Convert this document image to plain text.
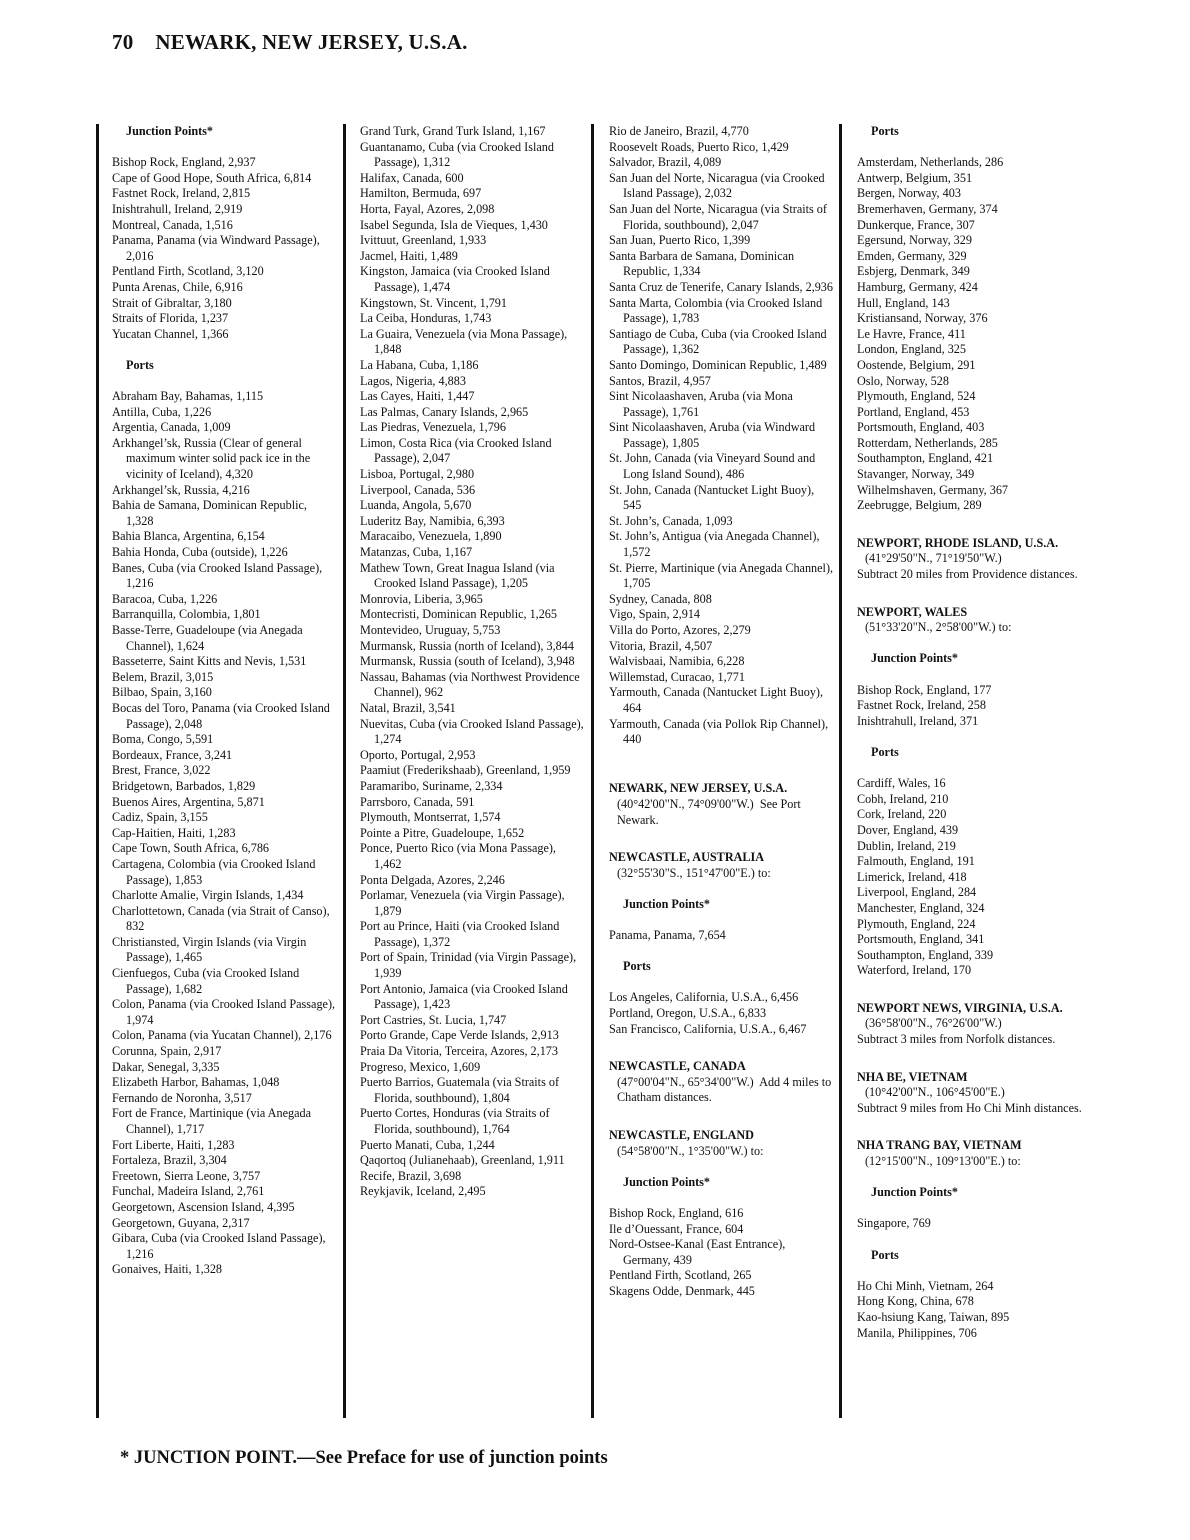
70 NEWARK, NEW JERSEY, U.S.A.
Junction Points*
Bishop Rock, England, 2,937
Cape of Good Hope, South Africa, 6,814
Fastnet Rock, Ireland, 2,815
Inishtrahull, Ireland, 2,919
Montreal, Canada, 1,516
Panama, Panama (via Windward Passage), 2,016
Pentland Firth, Scotland, 3,120
Punta Arenas, Chile, 6,916
Strait of Gibraltar, 3,180
Straits of Florida, 1,237
Yucatan Channel, 1,366
Ports
Abraham Bay, Bahamas, 1,115
Antilla, Cuba, 1,226
Argentia, Canada, 1,009
Arkhangel’sk, Russia (Clear of general maximum winter solid pack ice in the vicinity of Iceland), 4,320
Arkhangel’sk, Russia, 4,216
Bahia de Samana, Dominican Republic, 1,328
Bahia Blanca, Argentina, 6,154
Bahia Honda, Cuba (outside), 1,226
Banes, Cuba (via Crooked Island Passage), 1,216
Baracoa, Cuba, 1,226
Barranquilla, Colombia, 1,801
Basse-Terre, Guadeloupe (via Anegada Channel), 1,624
Basseterre, Saint Kitts and Nevis, 1,531
Belem, Brazil, 3,015
Bilbao, Spain, 3,160
Bocas del Toro, Panama (via Crooked Island Passage), 2,048
Boma, Congo, 5,591
Bordeaux, France, 3,241
Brest, France, 3,022
Bridgetown, Barbados, 1,829
Buenos Aires, Argentina, 5,871
Cadiz, Spain, 3,155
Cap-Haitien, Haiti, 1,283
Cape Town, South Africa, 6,786
Cartagena, Colombia (via Crooked Island Passage), 1,853
Charlotte Amalie, Virgin Islands, 1,434
Charlottetown, Canada (via Strait of Canso), 832
Christiansted, Virgin Islands (via Virgin Passage), 1,465
Cienfuegos, Cuba (via Crooked Island Passage), 1,682
Colon, Panama (via Crooked Island Passage), 1,974
Colon, Panama (via Yucatan Channel), 2,176
Corunna, Spain, 2,917
Dakar, Senegal, 3,335
Elizabeth Harbor, Bahamas, 1,048
Fernando de Noronha, 3,517
Fort de France, Martinique (via Anegada Channel), 1,717
Fort Liberte, Haiti, 1,283
Fortaleza, Brazil, 3,304
Freetown, Sierra Leone, 3,757
Funchal, Madeira Island, 2,761
Georgetown, Ascension Island, 4,395
Georgetown, Guyana, 2,317
Gibara, Cuba (via Crooked Island Passage), 1,216
Gonaives, Haiti, 1,328
Grand Turk, Grand Turk Island, 1,167
Guantanamo, Cuba (via Crooked Island Passage), 1,312
Halifax, Canada, 600
Hamilton, Bermuda, 697
Horta, Fayal, Azores, 2,098
Isabel Segunda, Isla de Vieques, 1,430
Ivittuut, Greenland, 1,933
Jacmel, Haiti, 1,489
Kingston, Jamaica (via Crooked Island Passage), 1,474
Kingstown, St. Vincent, 1,791
La Ceiba, Honduras, 1,743
La Guaira, Venezuela (via Mona Passage), 1,848
La Habana, Cuba, 1,186
Lagos, Nigeria, 4,883
Las Cayes, Haiti, 1,447
Las Palmas, Canary Islands, 2,965
Las Piedras, Venezuela, 1,796
Limon, Costa Rica (via Crooked Island Passage), 2,047
Lisboa, Portugal, 2,980
Liverpool, Canada, 536
Luanda, Angola, 5,670
Luderitz Bay, Namibia, 6,393
Maracaibo, Venezuela, 1,890
Matanzas, Cuba, 1,167
Mathew Town, Great Inagua Island (via Crooked Island Passage), 1,205
Monrovia, Liberia, 3,965
Montecristi, Dominican Republic, 1,265
Montevideo, Uruguay, 5,753
Murmansk, Russia (north of Iceland), 3,844
Murmansk, Russia (south of Iceland), 3,948
Nassau, Bahamas (via Northwest Providence Channel), 962
Natal, Brazil, 3,541
Nuevitas, Cuba (via Crooked Island Passage), 1,274
Oporto, Portugal, 2,953
Paamiut (Frederikshaab), Greenland, 1,959
Paramaribo, Suriname, 2,334
Parrsboro, Canada, 591
Plymouth, Montserrat, 1,574
Pointe a Pitre, Guadeloupe, 1,652
Ponce, Puerto Rico (via Mona Passage), 1,462
Ponta Delgada, Azores, 2,246
Porlamar, Venezuela (via Virgin Passage), 1,879
Port au Prince, Haiti (via Crooked Island Passage), 1,372
Port of Spain, Trinidad (via Virgin Passage), 1,939
Port Antonio, Jamaica (via Crooked Island Passage), 1,423
Port Castries, St. Lucia, 1,747
Porto Grande, Cape Verde Islands, 2,913
Praia Da Vitoria, Terceira, Azores, 2,173
Progreso, Mexico, 1,609
Puerto Barrios, Guatemala (via Straits of Florida, southbound), 1,804
Puerto Cortes, Honduras (via Straits of Florida, southbound), 1,764
Puerto Manati, Cuba, 1,244
Qaqortoq (Julianehaab), Greenland, 1,911
Recife, Brazil, 3,698
Reykjavik, Iceland, 2,495
Rio de Janeiro, Brazil, 4,770
Roosevelt Roads, Puerto Rico, 1,429
Salvador, Brazil, 4,089
San Juan del Norte, Nicaragua (via Crooked Island Passage), 2,032
San Juan del Norte, Nicaragua (via Straits of Florida, southbound), 2,047
San Juan, Puerto Rico, 1,399
Santa Barbara de Samana, Dominican Republic, 1,334
Santa Cruz de Tenerife, Canary Islands, 2,936
Santa Marta, Colombia (via Crooked Island Passage), 1,783
Santiago de Cuba, Cuba (via Crooked Island Passage), 1,362
Santo Domingo, Dominican Republic, 1,489
Santos, Brazil, 4,957
Sint Nicolaashaven, Aruba (via Mona Passage), 1,761
Sint Nicolaashaven, Aruba (via Windward Passage), 1,805
St. John, Canada (via Vineyard Sound and Long Island Sound), 486
St. John, Canada (Nantucket Light Buoy), 545
St. John’s, Canada, 1,093
St. John’s, Antigua (via Anegada Channel), 1,572
St. Pierre, Martinique (via Anegada Channel), 1,705
Sydney, Canada, 808
Vigo, Spain, 2,914
Villa do Porto, Azores, 2,279
Vitoria, Brazil, 4,507
Walvisbaai, Namibia, 6,228
Willemstad, Curacao, 1,771
Yarmouth, Canada (Nantucket Light Buoy), 464
Yarmouth, Canada (via Pollok Rip Channel), 440
NEWARK, NEW JERSEY, U.S.A.
(40°42'00"N., 74°09'00"W.) See Port Newark.
NEWCASTLE, AUSTRALIA
(32°55'30"S., 151°47'00"E.) to:
Junction Points*
Panama, Panama, 7,654
Ports
Los Angeles, California, U.S.A., 6,456
Portland, Oregon, U.S.A., 6,833
San Francisco, California, U.S.A., 6,467
NEWCASTLE, CANADA
(47°00'04"N., 65°34'00"W.) Add 4 miles to Chatham distances.
NEWCASTLE, ENGLAND
(54°58'00"N., 1°35'00"W.) to:
Junction Points*
Bishop Rock, England, 616
Ile d’Ouessant, France, 604
Nord-Ostsee-Kanal (East Entrance), Germany, 439
Pentland Firth, Scotland, 265
Skagens Odde, Denmark, 445
Ports
Amsterdam, Netherlands, 286
Antwerp, Belgium, 351
Bergen, Norway, 403
Bremerhaven, Germany, 374
Dunkerque, France, 307
Egersund, Norway, 329
Emden, Germany, 329
Esbjerg, Denmark, 349
Hamburg, Germany, 424
Hull, England, 143
Kristiansand, Norway, 376
Le Havre, France, 411
London, England, 325
Oostende, Belgium, 291
Oslo, Norway, 528
Plymouth, England, 524
Portland, England, 453
Portsmouth, England, 403
Rotterdam, Netherlands, 285
Southampton, England, 421
Stavanger, Norway, 349
Wilhelmshaven, Germany, 367
Zeebrugge, Belgium, 289
NEWPORT, RHODE ISLAND, U.S.A.
(41°29'50"N., 71°19'50"W.)
Subtract 20 miles from Providence distances.
NEWPORT, WALES
(51°33'20"N., 2°58'00"W.) to:
Junction Points*
Bishop Rock, England, 177
Fastnet Rock, Ireland, 258
Inishtrahull, Ireland, 371
Ports
Cardiff, Wales, 16
Cobh, Ireland, 210
Cork, Ireland, 220
Dover, England, 439
Dublin, Ireland, 219
Falmouth, England, 191
Limerick, Ireland, 418
Liverpool, England, 284
Manchester, England, 324
Plymouth, England, 224
Portsmouth, England, 341
Southampton, England, 339
Waterford, Ireland, 170
NEWPORT NEWS, VIRGINIA, U.S.A.
(36°58'00"N., 76°26'00"W.)
Subtract 3 miles from Norfolk distances.
NHA BE, VIETNAM
(10°42'00"N., 106°45'00"E.)
Subtract 9 miles from Ho Chi Minh distances.
NHA TRANG BAY, VIETNAM
(12°15'00"N., 109°13'00"E.) to:
Junction Points*
Singapore, 769
Ports
Ho Chi Minh, Vietnam, 264
Hong Kong, China, 678
Kao-hsiung Kang, Taiwan, 895
Manila, Philippines, 706
* JUNCTION POINT.—See Preface for use of junction points
